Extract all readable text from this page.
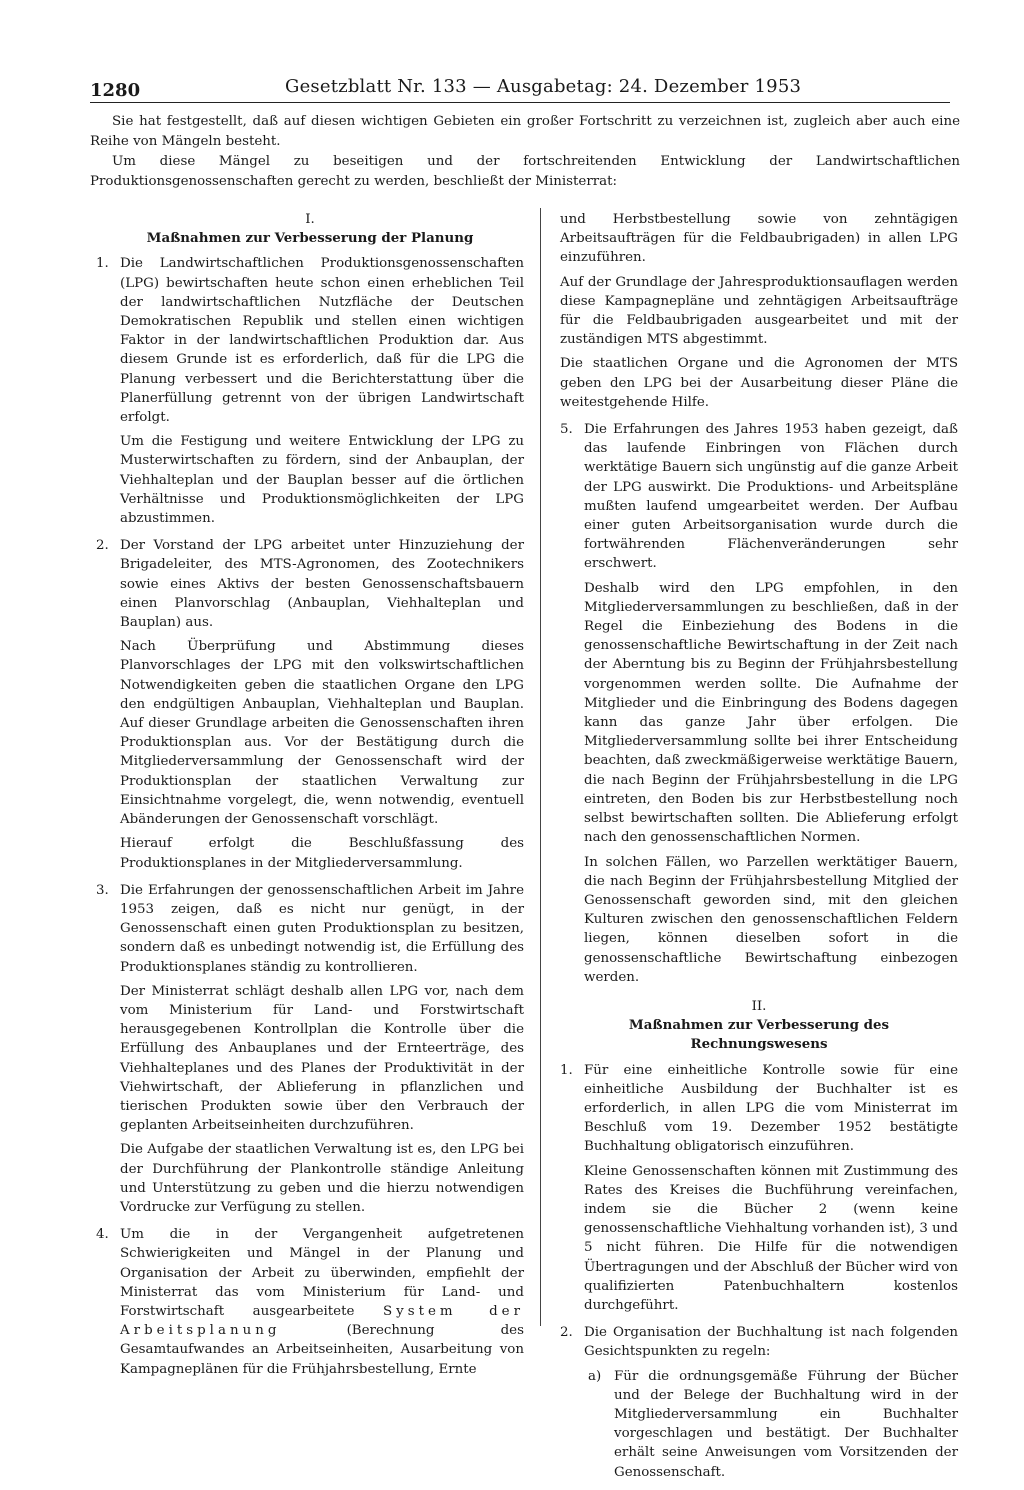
1280	Gesetzblatt Nr. 133 — Ausgabetag: 24. Dezember 1953

Sie hat festgestellt, daß auf diesen wichtigen Gebieten ein großer Fortschritt zu verzeichnen ist, zugleich aber auch eine Reihe von Mängeln besteht.

Um diese Mängel zu beseitigen und der fortschreitenden Entwicklung der Landwirtschaftlichen Produktionsgenossenschaften gerecht zu werden, beschließt der Ministerrat:

I.

Maßnahmen zur Verbesserung der Planung

1. Die Landwirtschaftlichen Produktionsgenossenschaften (LPG) bewirtschaften heute schon einen erheblichen Teil der landwirtschaftlichen Nutzfläche der Deutschen Demokratischen Republik und stellen einen wichtigen Faktor in der landwirtschaftlichen Produktion dar. Aus diesem Grunde ist es erforderlich, daß für die LPG die Planung verbessert und die Berichterstattung über die Planerfüllung getrennt von der übrigen Landwirtschaft erfolgt.

Um die Festigung und weitere Entwicklung der LPG zu Musterwirtschaften zu fördern, sind der Anbauplan, der Viehhalteplan und der Bauplan besser auf die örtlichen Verhältnisse und Produktionsmöglichkeiten der LPG abzustimmen.

2. Der Vorstand der LPG arbeitet unter Hinzuziehung der Brigadeleiter, des MTS-Agronomen, des Zootechnikers sowie eines Aktivs der besten Genossenschaftsbauern einen Planvorschlag (Anbauplan, Viehhalteplan und Bauplan) aus.

Nach Überprüfung und Abstimmung dieses Planvorschlages der LPG mit den volkswirtschaftlichen Notwendigkeiten geben die staatlichen Organe den LPG den endgültigen Anbauplan, Viehhalteplan und Bauplan. Auf dieser Grundlage arbeiten die Genossenschaften ihren Produktionsplan aus. Vor der Bestätigung durch die Mitgliederversammlung der Genossenschaft wird der Produktionsplan der staatlichen Verwaltung zur Einsichtnahme vorgelegt, die, wenn notwendig, eventuell Abänderungen der Genossenschaft vorschlägt.

Hierauf erfolgt die Beschlußfassung des Produktionsplanes in der Mitgliederversammlung.

3. Die Erfahrungen der genossenschaftlichen Arbeit im Jahre 1953 zeigen, daß es nicht nur genügt, in der Genossenschaft einen guten Produktionsplan zu besitzen, sondern daß es unbedingt notwendig ist, die Erfüllung des Produktionsplanes ständig zu kontrollieren.

Der Ministerrat schlägt deshalb allen LPG vor, nach dem vom Ministerium für Land- und Forstwirtschaft herausgegebenen Kontrollplan die Kontrolle über die Erfüllung des Anbauplanes und der Ernteerträge, des Viehhalteplanes und des Planes der Produktivität in der Viehwirtschaft, der Ablieferung in pflanzlichen und tierischen Produkten sowie über den Verbrauch der geplanten Arbeitseinheiten durchzuführen.

Die Aufgabe der staatlichen Verwaltung ist es, den LPG bei der Durchführung der Plankontrolle ständige Anleitung und Unterstützung zu geben und die hierzu notwendigen Vordrucke zur Verfügung zu stellen.

4. Um die in der Vergangenheit aufgetretenen Schwierigkeiten und Mängel in der Planung und Organisation der Arbeit zu überwinden, empfiehlt der Ministerrat das vom Ministerium für Land- und Forstwirtschaft ausgearbeitete System der Arbeitsplanung	(Berechnung des Gesamtaufwandes an Arbeitseinheiten, Ausarbeitung von Kampagneplänen für die Frühjahrsbestellung, Ernte

und Herbstbestellung sowie von zehntägigen Arbeitsaufträgen für die Feldbaubrigaden) in allen LPG einzuführen.

Auf der Grundlage der Jahresproduktionsauflagen werden diese Kampagnepläne und zehntägigen Arbeitsaufträge für die Feldbaubrigaden ausgearbeitet und mit der zuständigen MTS abgestimmt.

Die staatlichen Organe und die Agronomen der MTS geben den LPG bei der Ausarbeitung dieser Pläne die weitestgehende Hilfe.

5. Die Erfahrungen des Jahres 1953 haben gezeigt, daß das laufende Einbringen von Flächen durch werktätige Bauern sich ungünstig auf die ganze Arbeit der LPG auswirkt. Die Produktions- und Arbeitspläne mußten laufend umgearbeitet werden. Der Aufbau einer guten Arbeitsorganisation wurde durch die fortwährenden Flächenveränderungen sehr erschwert.

Deshalb wird den LPG empfohlen, in den Mitgliederversammlungen zu beschließen, daß in der Regel die Einbeziehung des Bodens in die genossenschaftliche Bewirtschaftung in der Zeit nach der Aberntung bis zu Beginn der Frühjahrsbestellung vorgenommen werden sollte. Die Aufnahme der Mitglieder und die Einbringung des Bodens dagegen kann das ganze Jahr über erfolgen. Die Mitgliederversammlung sollte bei ihrer Entscheidung beachten, daß zweckmäßigerweise werktätige Bauern, die nach Beginn der Frühjahrsbestellung in die LPG eintreten, den Boden bis zur Herbstbestellung noch selbst bewirtschaften sollten. Die Ablieferung erfolgt nach den genossenschaftlichen Normen.

In solchen Fällen, wo Parzellen werktätiger Bauern, die nach Beginn der Frühjahrsbestellung Mitglied der Genossenschaft geworden sind, mit den gleichen Kulturen zwischen den genossenschaftlichen Feldern liegen, können dieselben sofort in die genossenschaftliche Bewirtschaftung einbezogen werden.

II.

Maßnahmen zur Verbesserung des Rechnungswesens

1. Für eine einheitliche Kontrolle sowie für eine einheitliche Ausbildung der Buchhalter ist es erforderlich, in allen LPG die vom Ministerrat im Beschluß vom 19. Dezember 1952 bestätigte Buchhaltung obligatorisch einzuführen.

Kleine Genossenschaften können mit Zustimmung des Rates des Kreises die Buchführung vereinfachen, indem sie die Bücher 2 (wenn keine genossenschaftliche Viehhaltung vorhanden ist), 3 und 5 nicht führen. Die Hilfe für die notwendigen Übertragungen und der Abschluß der Bücher wird von qualifizierten Patenbuchhaltern kostenlos durchgeführt.

2. Die Organisation der Buchhaltung ist nach folgenden Gesichtspunkten zu regeln:

a) Für die ordnungsgemäße Führung der Bücher und der Belege der Buchhaltung wird in der Mitgliederversammlung ein Buchhalter vorgeschlagen und bestätigt. Der Buchhalter erhält seine Anweisungen vom Vorsitzenden der Genossenschaft.
